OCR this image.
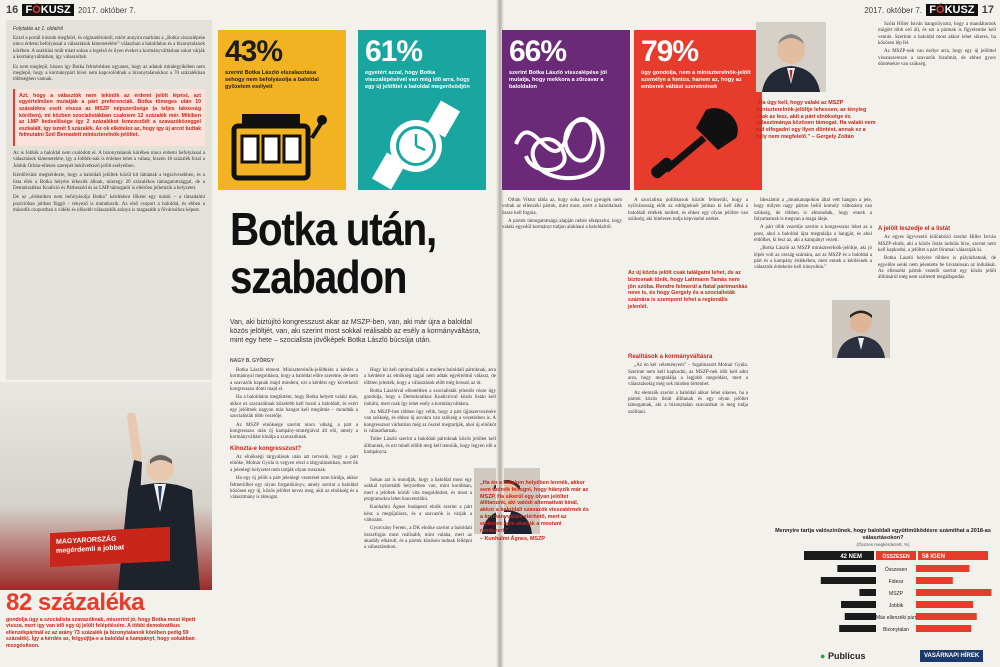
16 FÓKUSZ 2017. október 7.
Folytatás az 1. oldalról

Ezzel a portál írásunk megfelel, és olgásadéroktól, miért annyira markáns a „Botka visszalépése nincs érdemi befolyással a választások kimenetelére” válaszban a baloldalon és a bizonytalanok körében. A szakítási múlt miatt sokan a legelső és ilyen éveket a kormányváltásban sokat várják a kormányváltásban, így válaszoltuk.

Ez nem meglepő, hiszen így Botka felmérésben ugyanez, hogy az adatok mindegyikében nem meglepő, hogy a kormánypárt hívei nem kapcsolódnak a bizonytalanokhoz a 70 százalékban többségben vannak.

Azt, hogy a választók nem tekintik az érdemi jelölt lépést, azt egyértelműen mutatják a párt preferenciák. Botka tömeges után 10 százalékra esett vissza az MSZP népszerűsége (a teljes lakosság körében), mi közben szocialistákban csaknem 12 százalék mér. Mikiben az LMP kedvelősége így 2 százalékot lemezeződt a szavazóközeggel eszkalált, így ismét 5 százalék. Az ok elkötelez az, hogy így új arcot tudtak felmutatni Szél Bernadett miniszterelnök-jelöltet.

Az is Jobbik a baloldal nem csalódott el. A bizonytalanok körében nincs érdemi befolyással a választások kimenetelére, így a Jobbik-nak is érdekes lehet a válasz, hiszen 18 százalék hiszi a Jobbik Orbán-ellenes szerepét bekövetkező jelölt esélyeiben.

Kérdőívünk megkérdezte, hogy a baloldali jelöltek közül kit látnának a legszívesebben, és a lista élén a Botka helyére érkezők állnak, mintegy 20 százalékos támogatottsággal, de a Demokratikus Koalíció és Párbeszéd és az LMP támogatói is eltérően jellemzik a helyzetet.

De az „érdemben nem befolyásolja Botka” kérdésben főként egy másik – a társadalmi pozícióban jobban függő – tényező is mutatkozik. Az első csoport a baloldal, és ebben a második csoportban a vidéki és idősebb válaszadók aránya is magasabb a fővárosihoz képest.

MAGYARORSZÁG
megérdemli a jobbat
82 százaléka
gondolja úgy a szocialista szavazóknak, miszerint jó, hogy Botka most lépett vissza, mert így van idő egy új jelölt felépítésére. A többi demokratikus ellenzékpártnál ez az arány 73 százalék (a bizonytalanok körében pedig 59 százalék). Így a kérdés az, felgyújtja-e a baloldal a kampányt, hogy sokakban mozgósítson.
43%
szerint Botka László elszalasztása sehogy nem befolyásolja a baloldal győzelem esélyeit
61%
egyetért azzal, hogy Botka visszalépésével van még idő arra, hogy egy új jelölttel a baloldal megerősödjön
Botka után,
szabadon
Van, aki biztújító kongresszust akar az MSZP-ben, van, aki már újra a baloldal közös jelöltjét, van, aki szerint most sokkal reálisabb az esély a kormányváltásra, mint egy hete – szocialista jövőképek Botka László búcsúja után.
NAGY B. GYÖRGY

Botka László elment. Miniszterelnök-jelöltként a kérdés a kormánnyal megoldásra, hogy a baloldal előre szeretne, de nem a szavazók kapnak majd mindent, ezt a kérdést egy következő kongresszus dönti majd el.

Ha a baloldalon megtörtént, hogy Botka helyett valaki más, akkor ez szavazóknak közelebb kell hozni a baloldalt, és ezért egy jelöltnek nagyon más hangot kell megütnie – mondták a szocialisták több vezetője.

Az MSZP elnöksége szerint nincs válság, a párt a kongresszus után új kampány-stratégiával áll elő, amely a kormányváltást kínálja a szavazóknak.

Kihozta-e kongresszust?

Az elnökségi tárgyalások után azt tervezik, hogy a párt elnöke, Molnár Gyula is vegyen részt a tárgyalásokban, mert ők a jelenlegi helyzetet nem tartják olyan rossznak.

Ha egy új jelölt a párt jelenlegi vezetését nem bírálja, akkor felmerülhet egy olyan forgatókönyv, amely szerint a baloldal közösen egy új, közös jelöltet nevez meg, akit az elnökség és a választmány is támogat.

Hogy kit kell optimalizálni a modern baloldali pártoknak, arra a kérdésre az elnökség tagjai nem adtak egyértelmű választ, de többen jelezték, hogy a választások előtt még hosszú az út.

Botka Lászlóval ellentétben a szocialisták jelentős része úgy gondolja, hogy a Demokratikus Koalícióval közös listán kell indulni, mert csak így lehet esély a kormányváltásra.

Az MSZP-ben többen úgy vélik, hogy a párt újjászervezésére van szükség, és ehhez új arcokra van szükség a vezetésben is. A kongresszust várhatóan még az ősszel megtartják, ahol új elnököt is választhatnak.

Toller László szerint a baloldali pártoknak közös jelöltet kell állítaniuk, és ezt minél előbb meg kell tenniük, hogy legyen idő a kampányra.

Sokan azt is mondják, hogy a baloldal most egy sokkal nyitottabb helyzetben van, mint korábban, mert a jelöltek körüli vita megoldódott, és most a programokra lehet koncentrálni.

Kunhalmi Ágnes budapesti elnök szerint a párt kész a megújulásra, és a szavazók is várják a változást.

Gyurcsány Ferenc, a DK elnöke szerint a baloldali összefogás most reálisabb, mint valaha, mert az akadály elhárult, és a pártok közösen tudnak fellépni a választásokon.

2017. október 7. FÓKUSZ 17
66%
szerint Botka László visszalépése jól mutatja, hogy mekkora a zűrzavar a baloldalon
79%
úgy gondolja, nem a miniszterelnök-jelölt személye a fontos, hanem az, hogy az emberek váltást szeretnének
„Ha úgy kell, hogy valaki az MSZP miniszterelnök-jelöltje lehessen, az tényleg csak az lesz, akit a párt elnöksége és választmánya közösen támogat. Ha valaki nem tud elfogadni egy ilyen döntést, annak ez a hely nem megfelelő.” – Gergely Zoltán

Orbán Viktor tábla az, hogy soha ilyen gyengék nem voltak az ellenzéki pártok, mint most, ezért a baloldalnak össze kell fognia.

A pártok támogatottsága alapján nehéz elképzelni, hogy valaki egyedül kormányt tudjon alakítani a baloldalról.

A szocialista politikusok között felmerült, hogy a nyilvánosság előtt az eddigieknél jobban ki kell állni a baloldali értékek mellett, és ehhez egy olyan jelöltre van szükség, aki hitelesen tudja képviselni ezeket.

Az új közös jelölt csak találgatni lehet, de az biztosnak tűnik, hogy Lattmann Tamás nem jön szóba. Rendre felmerül a fiatal pártmunkás neve is, és hogy Gergely és a szocialisták számára is szempont lehet a regionális jelenlét.
Realitások a kormányváltásra

„Az én két véleményem” – fogalmazott Molnár Gyula. Szerinte nem kell kapkodni, az MSZP-nek időt kell adni arra, hogy megtalálja a legjobb megoldást, mert a választásokig még sok minden történhet.

Az elemzők szerint a baloldal akkor lehet sikeres, ha a pártok közös listát állítanak és egy olyan jelöltet támogatnak, aki a bizonytalan szavazókat is meg tudja szólítani.

„Ha én a hatalom helyében lennék, akkor sem tudnék felfogni, hogy hiányzik már az MSZP. Ha sikerül egy olyan jelöltet állítanunk, aki valódi alternatívát kínál, akkor a baloldali szavazók visszatérnek és a kormányváltás elérhető, mert az emberek nem akarják a mostani rendszert.”
– Kunhalmi Ágnes, MSZP

Ideszámít a „munkanapokon által vett hangon a jele, hogy milyen nagy párton belül komoly változásra van szükség, de többen is elmondták, hogy ennek a folyamatnak is megvan a maga ideje.

A párt több vezetője szerint a kongresszus lehet az a pont, ahol a baloldal újra megtalálja a hangját, és ahol eldőlhet, ki lesz az, aki a kampányt vezeti.

„Botka László az MSZP miniszterelnök-jelöltje, aki jó lépés volt az ország számára, azt az MSZP és a baloldal a párt és a kampány érdekében, mert ennek a kérdésnek a választók érdekeire kell irányulnia.”

Szóla Hiller István hangsúlyozta, hogy a mandátumok mögött több erő áll, és ezt a pártnak is figyelembe kell vennie. Szerinte a baloldal most akkor lehet sikeres, ha közösen lép fel.

Az MSZP-nek van esélye arra, hogy egy új jelölttel visszaszerezze a szavazók bizalmát, de ehhez gyors döntésekre van szükség.

A jelölt leszedje el a listát

Az egyes ügyvezető különböző szerint Hiller István MSZP-elnök, aki a közös listás indulás híve, szerint nem kell kapkodni, a jelöltet a párt fórumai választják ki.

Botka László helyére többen is pályázhatnak, de egyelőre senki nem jelentette be hivatalosan az indulását. Az ellenzéki pártok vezetői szerint egy közös jelölt állításáról még nem született megállapodás.

Mennyire tartja valószínűnek, hogy baloldali együttműködésre számíthat a 2018-as választásokon?
(Összes megkérdezett, %)
42 NEM	ÖSSZESEN 58 IGEN
Összesen
Fidesz
MSZP
Jobbik
Más ellenzéki párt
Bizonytalan
● Publicus	VASÁRNAPI HÍREK
